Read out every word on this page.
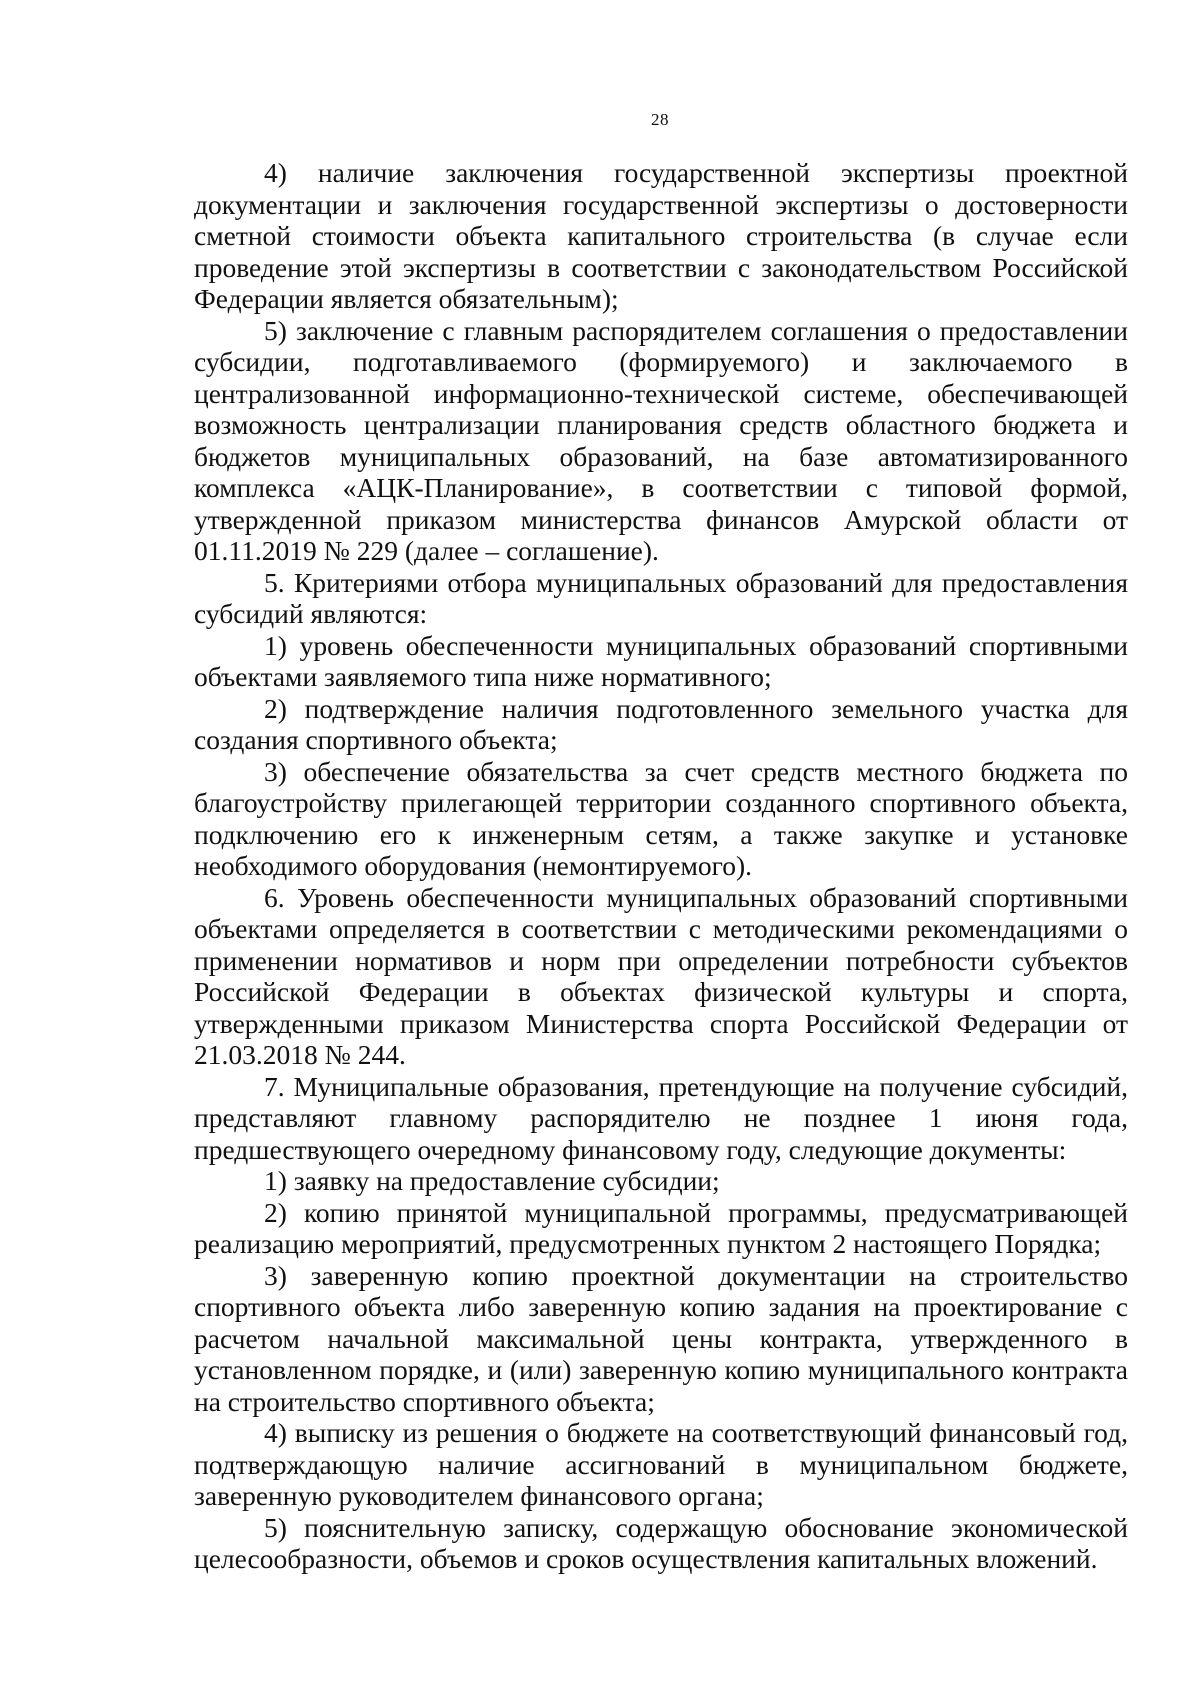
28

4) наличие заключения государственной экспертизы проектной документации и заключения государственной экспертизы о достоверности сметной стоимости объекта капитального строительства (в случае если проведение этой экспертизы в соответствии с законодательством Российской Федерации является обязательным);

5) заключение с главным распорядителем соглашения о предоставлении субсидии, подготавливаемого (формируемого) и заключаемого в централизованной информационно-технической системе, обеспечивающей возможность централизации планирования средств областного бюджета и бюджетов муниципальных образований, на базе автоматизированного комплекса «АЦК-Планирование», в соответствии с типовой формой, утвержденной приказом министерства финансов Амурской области от 01.11.2019 № 229 (далее – соглашение).

5. Критериями отбора муниципальных образований для предоставления субсидий являются:

1) уровень обеспеченности муниципальных образований спортивными объектами заявляемого типа ниже нормативного;

2) подтверждение наличия подготовленного земельного участка для создания спортивного объекта;

3) обеспечение обязательства за счет средств местного бюджета по благоустройству прилегающей территории созданного спортивного объекта, подключению его к инженерным сетям, а также закупке и установке необходимого оборудования (немонтируемого).

6. Уровень обеспеченности муниципальных образований спортивными объектами определяется в соответствии с методическими рекомендациями о применении нормативов и норм при определении потребности субъектов Российской Федерации в объектах физической культуры и спорта, утвержденными приказом Министерства спорта Российской Федерации от 21.03.2018 № 244.

7. Муниципальные образования, претендующие на получение субсидий, представляют главному распорядителю не позднее 1 июня года, предшествующего очередному финансовому году, следующие документы:

1) заявку на предоставление субсидии;

2) копию принятой муниципальной программы, предусматривающей реализацию мероприятий, предусмотренных пунктом 2 настоящего Порядка;

3) заверенную копию проектной документации на строительство спортивного объекта либо заверенную копию задания на проектирование с расчетом начальной максимальной цены контракта, утвержденного в установленном порядке, и (или) заверенную копию муниципального контракта на строительство спортивного объекта;

4) выписку из решения о бюджете на соответствующий финансовый год, подтверждающую наличие ассигнований в муниципальном бюджете, заверенную руководителем финансового органа;

5) пояснительную записку, содержащую обоснование экономической целесообразности, объемов и сроков осуществления капитальных вложений.
